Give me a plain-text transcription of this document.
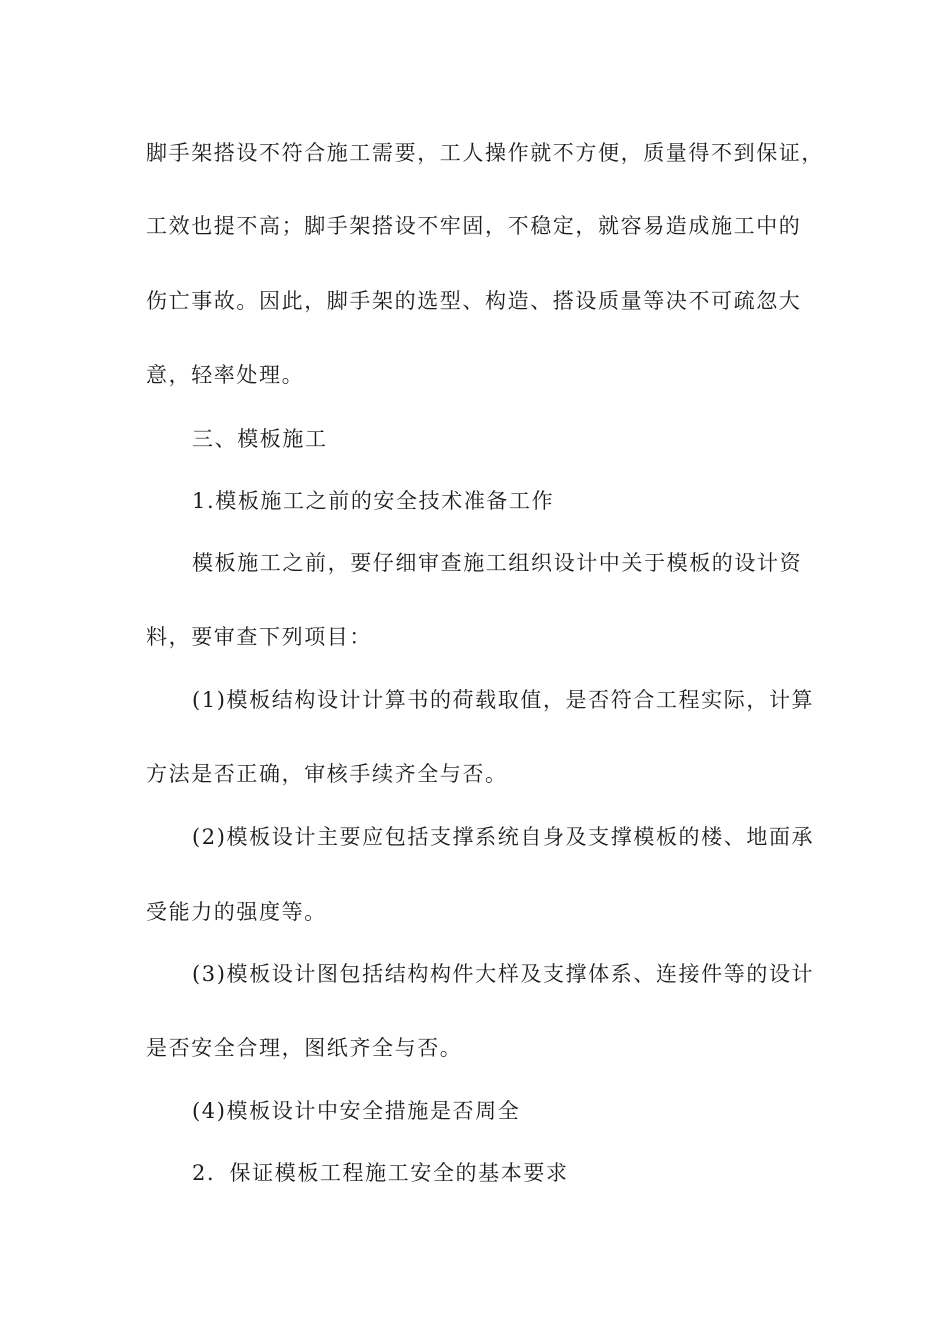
脚手架搭设不符合施工需要，工人操作就不方便，质量得不到保证，
工效也提不高；脚手架搭设不牢固，不稳定，就容易造成施工中的
伤亡事故。因此，脚手架的选型、构造、搭设质量等决不可疏忽大
意，轻率处理。
三、模板施工
1.模板施工之前的安全技术准备工作
模板施工之前，要仔细审查施工组织设计中关于模板的设计资
料，要审查下列项目：
(1)模板结构设计计算书的荷载取值，是否符合工程实际，计算
方法是否正确，审核手续齐全与否。
(2)模板设计主要应包括支撑系统自身及支撑模板的楼、地面承
受能力的强度等。
(3)模板设计图包括结构构件大样及支撑体系、连接件等的设计
是否安全合理，图纸齐全与否。
(4)模板设计中安全措施是否周全
2．保证模板工程施工安全的基本要求
